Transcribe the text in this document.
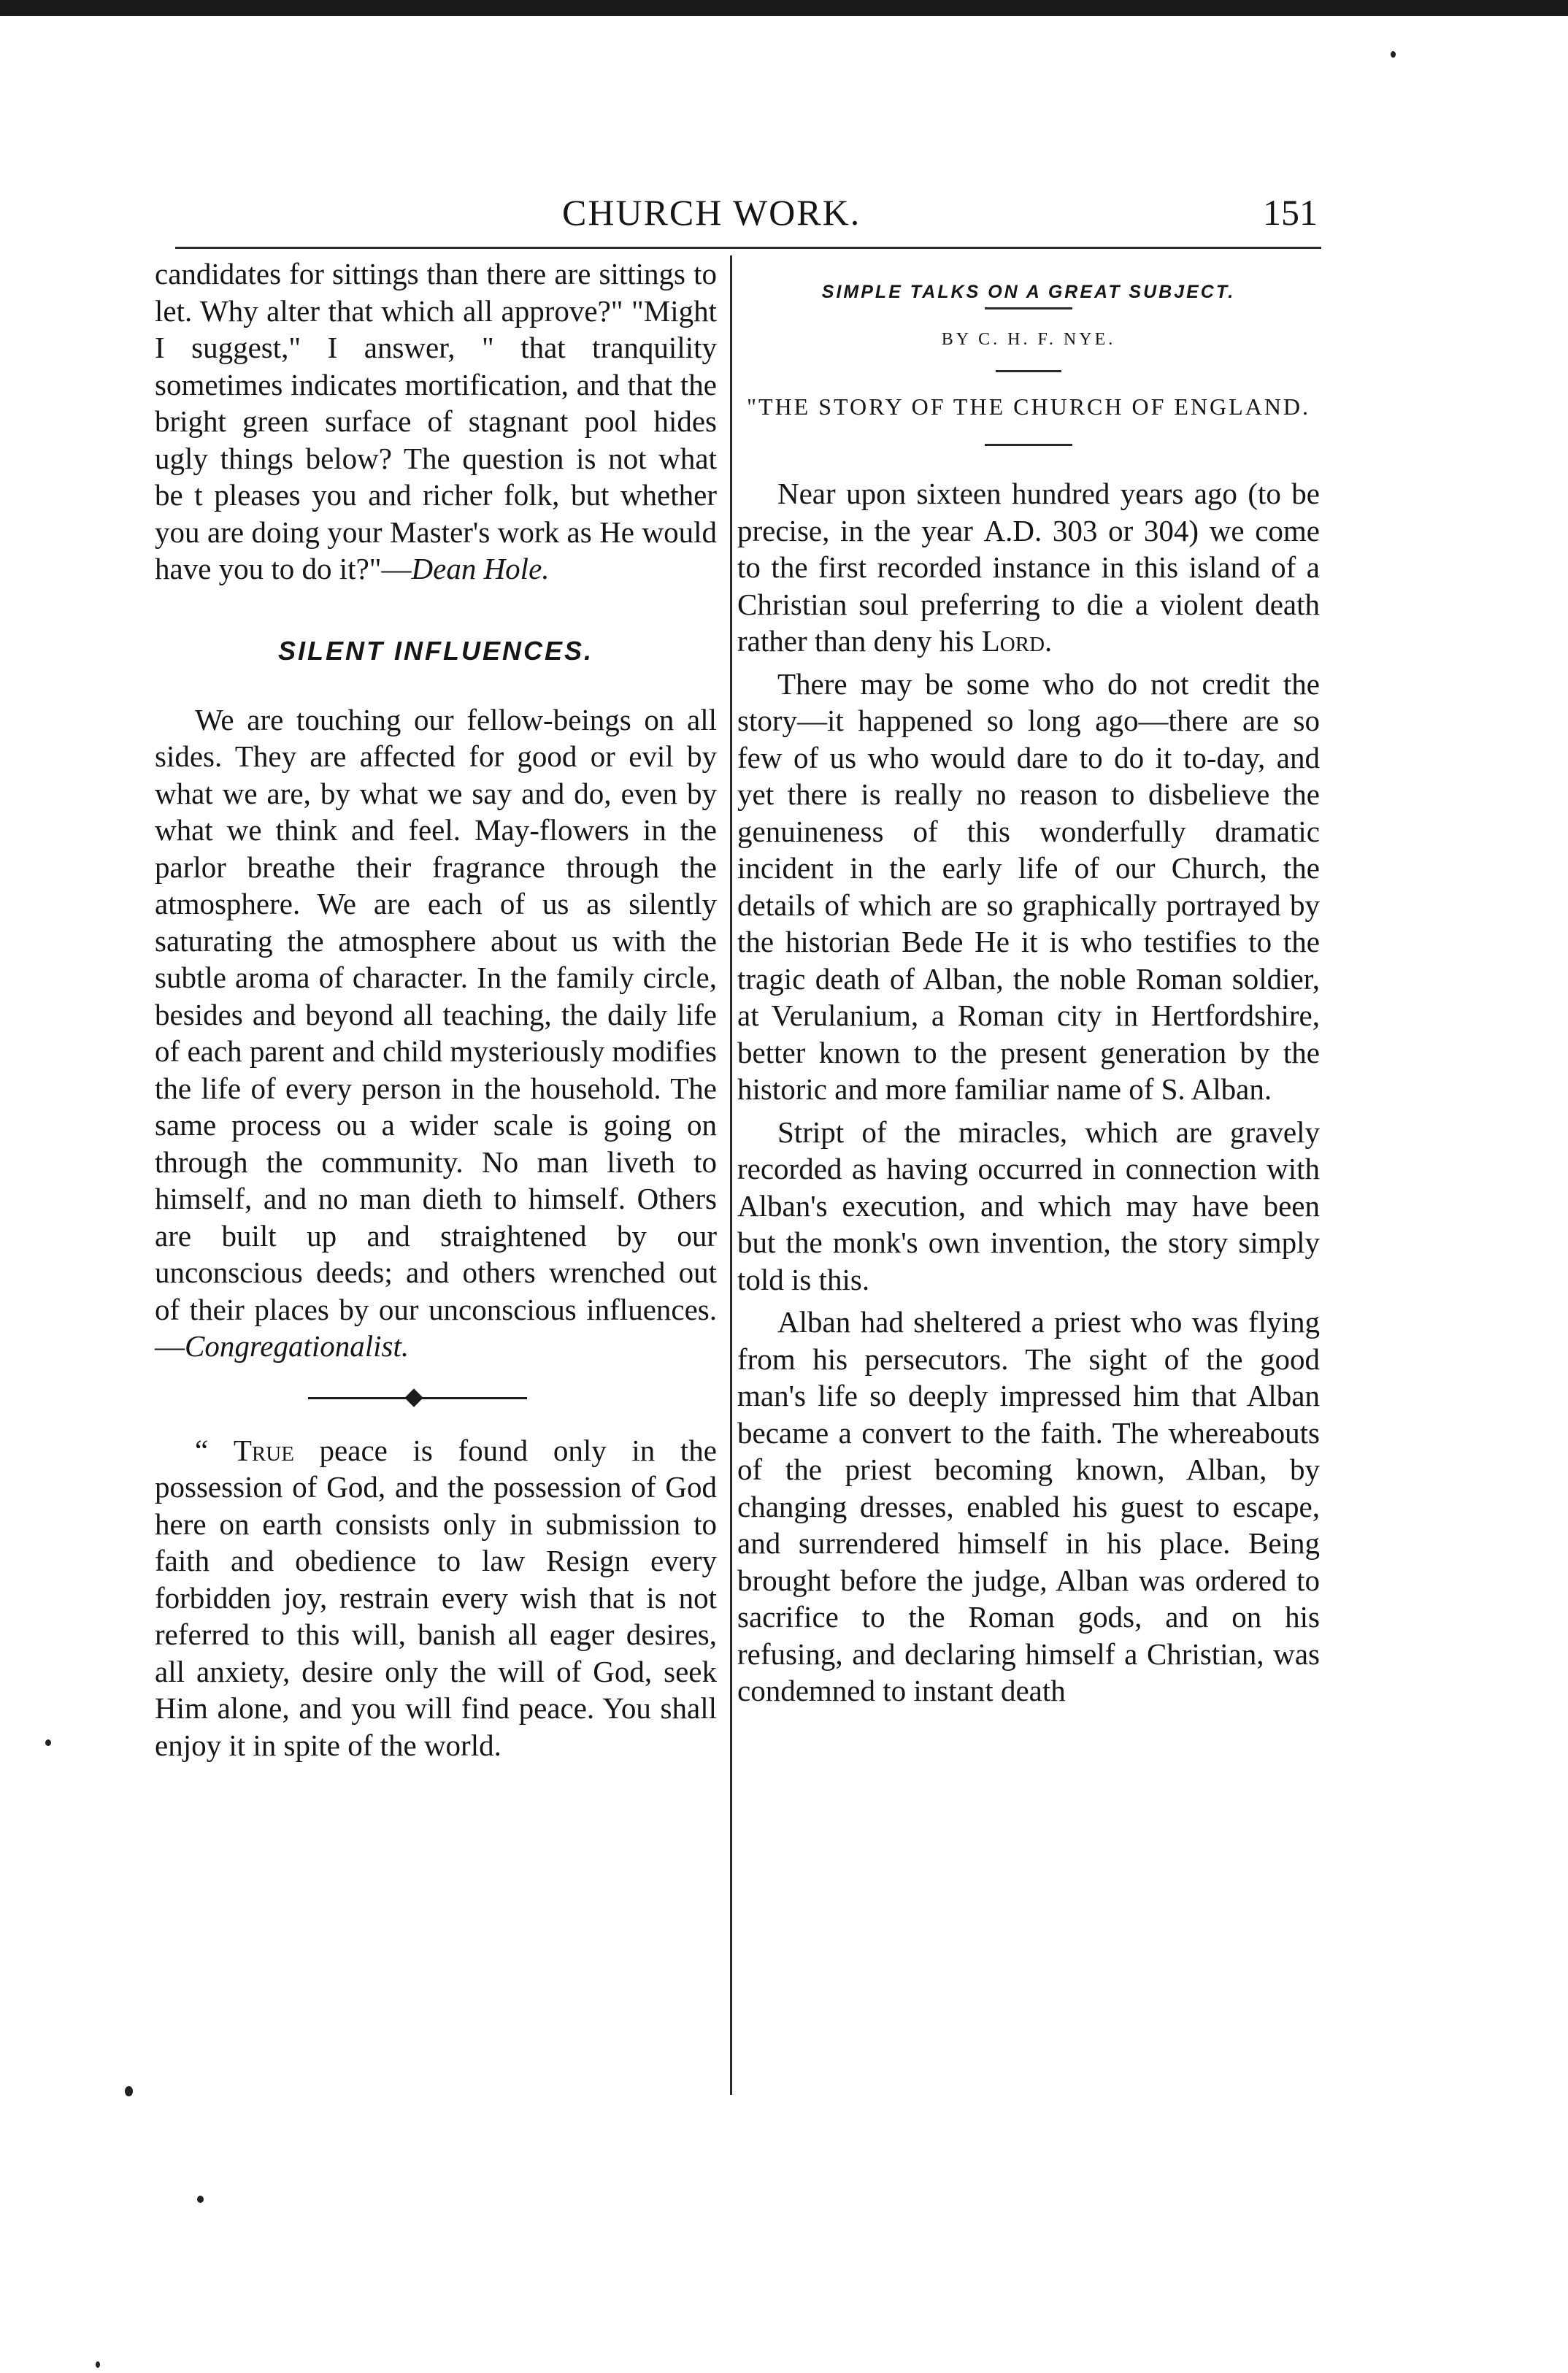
CHURCH WORK.	151

candidates for sittings than there are sittings to let. Why alter that which all approve?" "Might I suggest," I answer, " that tranquility sometimes indicates mortification, and that the bright green surface of stagnant pool hides ugly things below? The question is not what be t pleases you and richer folk, but whether you are doing your Master's work as He would have you to do it?"—Dean Hole.

SILENT INFLUENCES.

We are touching our fellow-beings on all sides. They are affected for good or evil by what we are, by what we say and do, even by what we think and feel. May-flowers in the parlor breathe their fragrance through the atmosphere. We are each of us as silently saturating the atmosphere about us with the subtle aroma of character. In the family circle, besides and beyond all teaching, the daily life of each parent and child mysteriously modifies the life of every person in the household. The same process ou a wider scale is going on through the community. No man liveth to himself, and no man dieth to himself. Others are built up and straightened by our unconscious deeds; and others wrenched out of their places by our unconscious influences.—Congregationalist.

“ True peace is found only in the possession of God, and the possession of God here on earth consists only in submission to faith and obedience to law Resign every forbidden joy, restrain every wish that is not referred to this will, banish all eager desires, all anxiety, desire only the will of God, seek Him alone, and you will find peace. You shall enjoy it in spite of the world.

SIMPLE TALKS ON A GREAT SUBJECT.
BY C. H. F. NYE.
"THE STORY OF THE CHURCH OF ENGLAND.

Near upon sixteen hundred years ago (to be precise, in the year A.D. 303 or 304) we come to the first recorded instance in this island of a Christian soul preferring to die a violent death rather than deny his Lord.

There may be some who do not credit the story—it happened so long ago—there are so few of us who would dare to do it to-day, and yet there is really no reason to disbelieve the genuineness of this wonderfully dramatic incident in the early life of our Church, the details of which are so graphically portrayed by the historian Bede He it is who testifies to the tragic death of Alban, the noble Roman soldier, at Verulanium, a Roman city in Hertfordshire, better known to the present generation by the historic and more familiar name of S. Alban.

Stript of the miracles, which are gravely recorded as having occurred in connection with Alban's execution, and which may have been but the monk's own invention, the story simply told is this.

Alban had sheltered a priest who was flying from his persecutors. The sight of the good man's life so deeply impressed him that Alban became a convert to the faith. The whereabouts of the priest becoming known, Alban, by changing dresses, enabled his guest to escape, and surrendered himself in his place. Being brought before the judge, Alban was ordered to sacrifice to the Roman gods, and on his refusing, and declaring himself a Christian, was condemned to instant death
